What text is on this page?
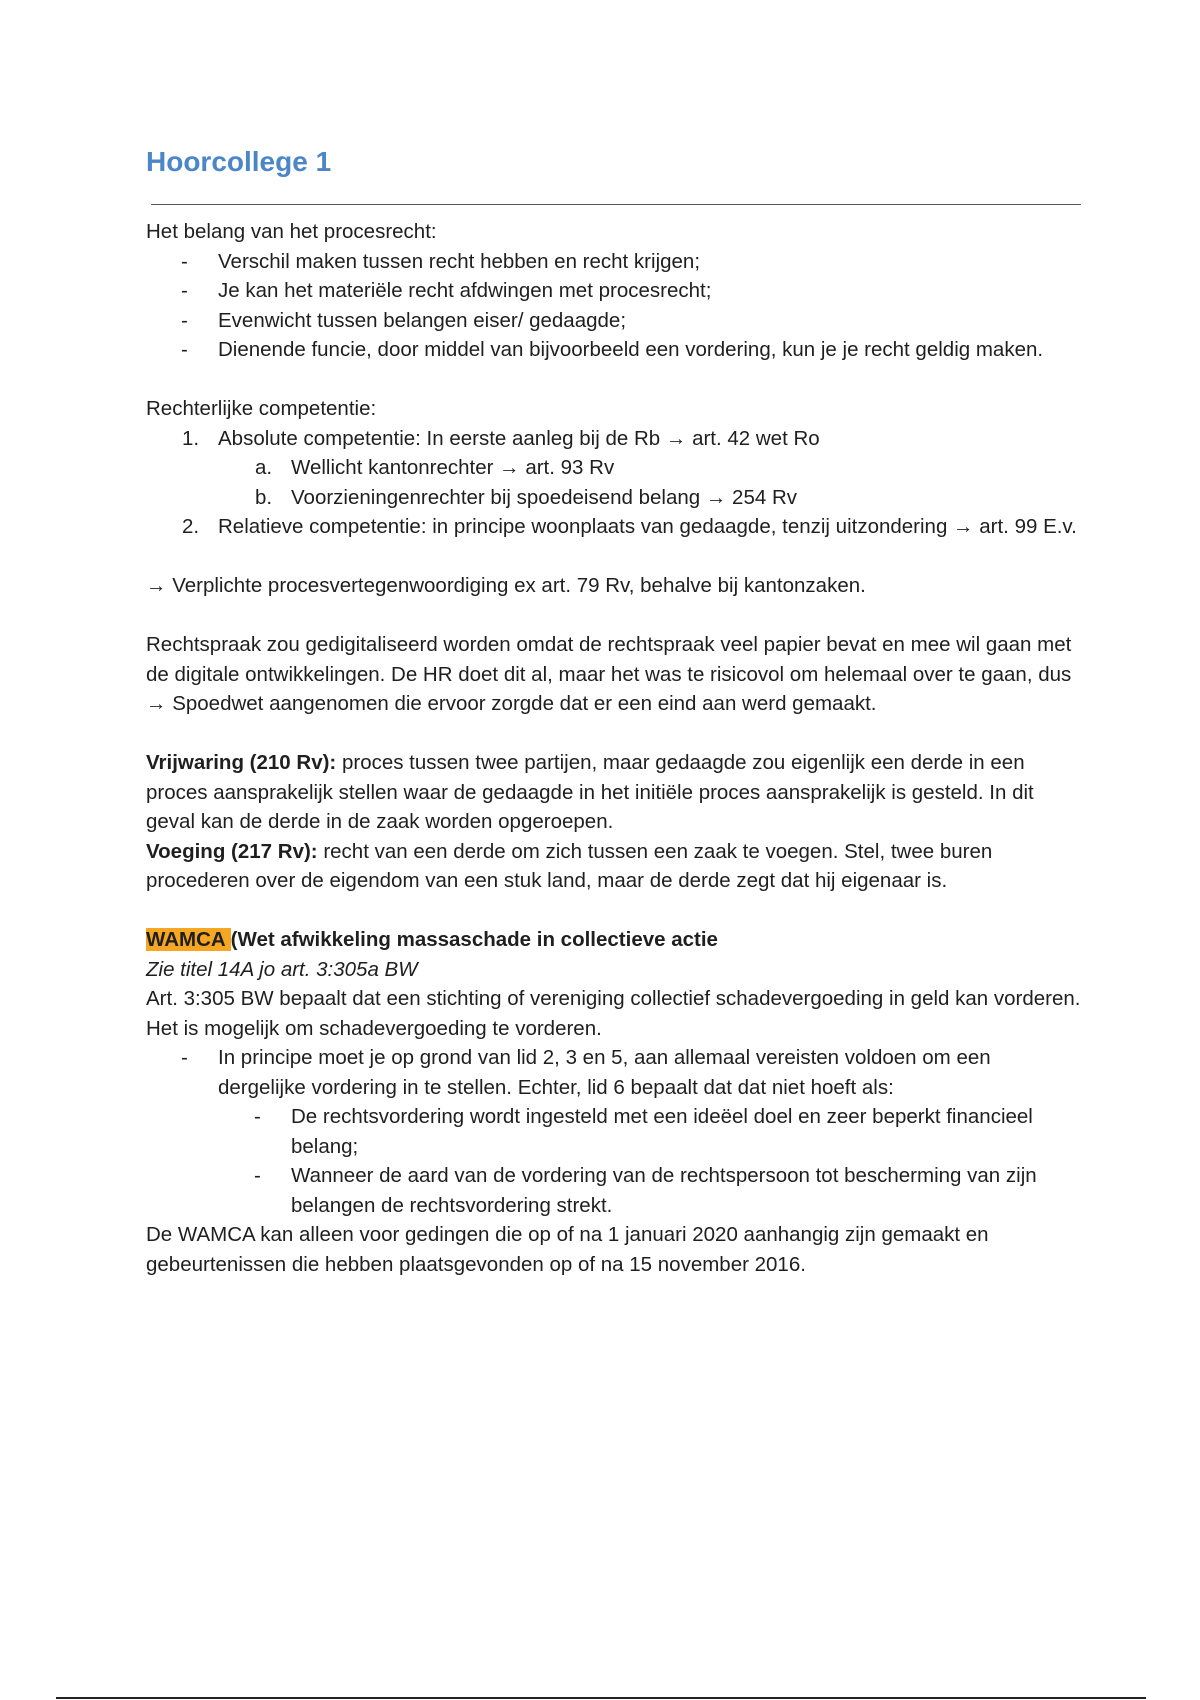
Hoorcollege 1

Het belang van het procesrecht:

- Verschil maken tussen recht hebben en recht krijgen;
- Je kan het materiële recht afdwingen met procesrecht;
- Evenwicht tussen belangen eiser/ gedaagde;
- Dienende funcie, door middel van bijvoorbeeld een vordering, kun je je recht geldig maken.

Rechterlijke competentie:

1. Absolute competentie: In eerste aanleg bij de Rb → art. 42 wet Ro
a. Wellicht kantonrechter → art. 93 Rv
b. Voorzieningenrechter bij spoedeisend belang → 254 Rv
2. Relatieve competentie: in principe woonplaats van gedaagde, tenzij uitzondering → art. 99 E.v.

→ Verplichte procesvertegenwoordiging ex art. 79 Rv, behalve bij kantonzaken.

Rechtspraak zou gedigitaliseerd worden omdat de rechtspraak veel papier bevat en mee wil gaan met de digitale ontwikkelingen. De HR doet dit al, maar het was te risicovol om helemaal over te gaan, dus → Spoedwet aangenomen die ervoor zorgde dat er een eind aan werd gemaakt.

Vrijwaring (210 Rv): proces tussen twee partijen, maar gedaagde zou eigenlijk een derde in een proces aansprakelijk stellen waar de gedaagde in het initiële proces aansprakelijk is gesteld. In dit geval kan de derde in de zaak worden opgeroepen.

Voeging (217 Rv): recht van een derde om zich tussen een zaak te voegen. Stel, twee buren procederen over de eigendom van een stuk land, maar de derde zegt dat hij eigenaar is.

WAMCA (Wet afwikkeling massaschade in collectieve actie

Zie titel 14A jo art. 3:305a BW

Art. 3:305 BW bepaalt dat een stichting of vereniging collectief schadevergoeding in geld kan vorderen. Het is mogelijk om schadevergoeding te vorderen.

- In principe moet je op grond van lid 2, 3 en 5, aan allemaal vereisten voldoen om een dergelijke vordering in te stellen. Echter, lid 6 bepaalt dat dat niet hoeft als:
- De rechtsvordering wordt ingesteld met een ideëel doel en zeer beperkt financieel belang;
- Wanneer de aard van de vordering van de rechtspersoon tot bescherming van zijn belangen de rechtsvordering strekt.

De WAMCA kan alleen voor gedingen die op of na 1 januari 2020 aanhangig zijn gemaakt en gebeurtenissen die hebben plaatsgevonden op of na 15 november 2016.
